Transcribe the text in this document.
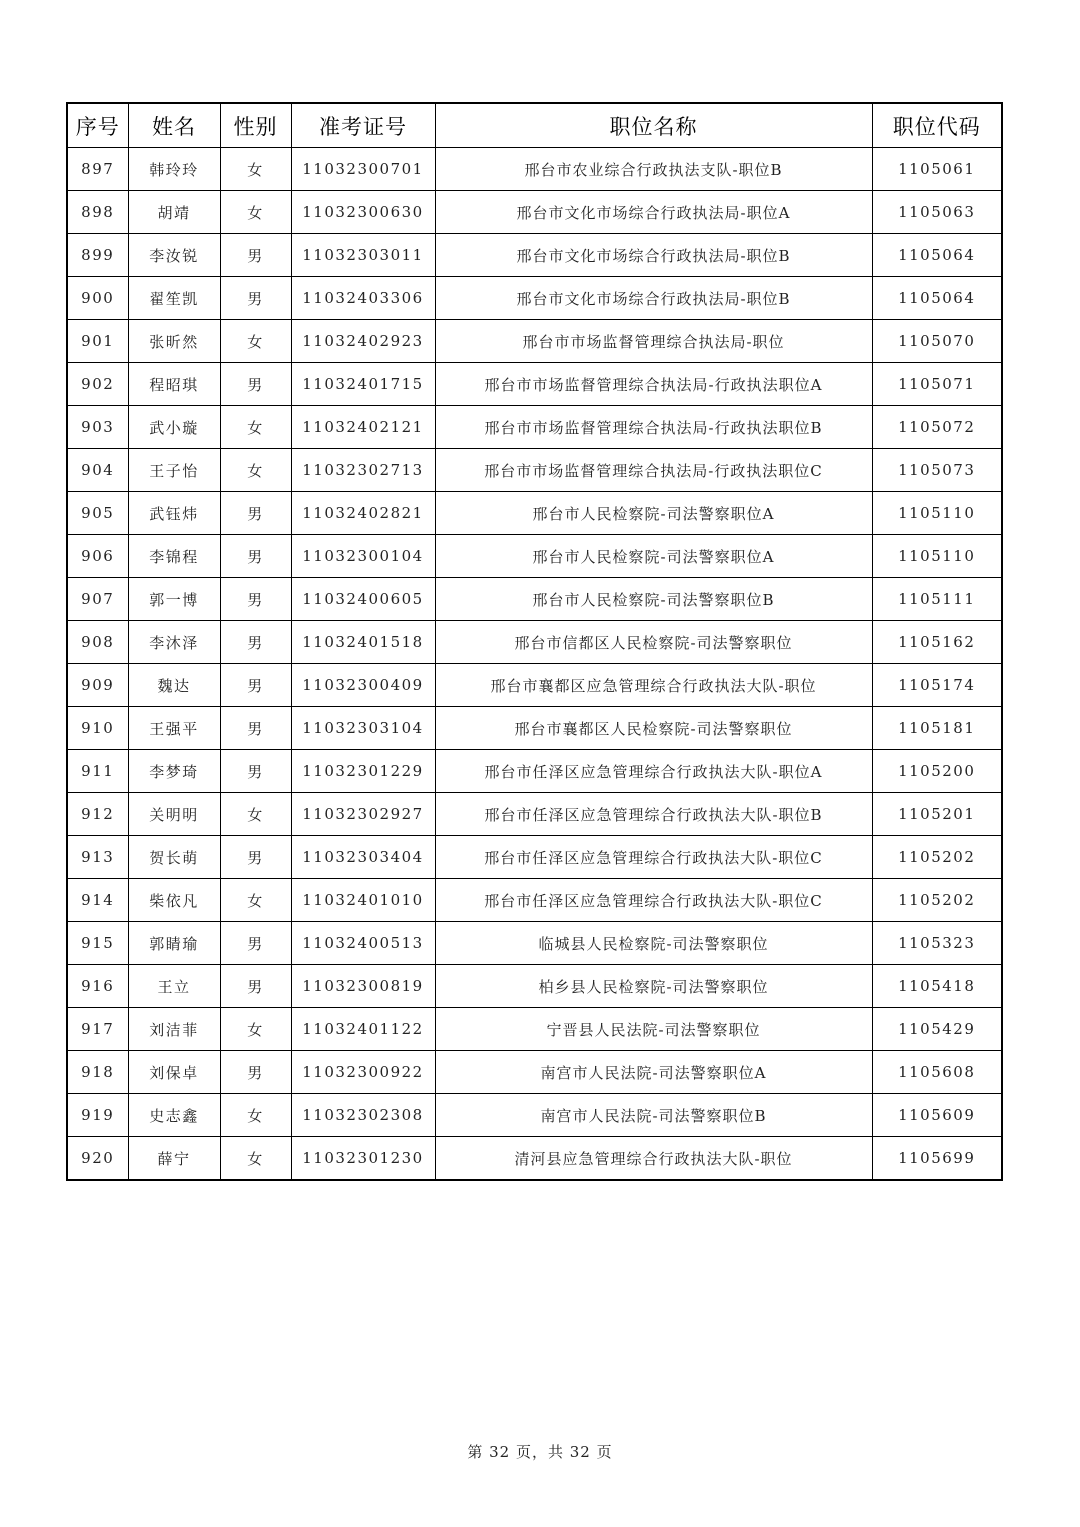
序号	姓名	性别	准考证号	职位名称	职位代码
897	韩玲玲	女	11032300701	邢台市农业综合行政执法支队-职位B	1105061
898	胡靖	女	11032300630	邢台市文化市场综合行政执法局-职位A	1105063
899	李汝锐	男	11032303011	邢台市文化市场综合行政执法局-职位B	1105064
900	翟笙凯	男	11032403306	邢台市文化市场综合行政执法局-职位B	1105064
901	张昕然	女	11032402923	邢台市市场监督管理综合执法局-职位	1105070
902	程昭琪	男	11032401715	邢台市市场监督管理综合执法局-行政执法职位A	1105071
903	武小璇	女	11032402121	邢台市市场监督管理综合执法局-行政执法职位B	1105072
904	王子怡	女	11032302713	邢台市市场监督管理综合执法局-行政执法职位C	1105073
905	武钰炜	男	11032402821	邢台市人民检察院-司法警察职位A	1105110
906	李锦程	男	11032300104	邢台市人民检察院-司法警察职位A	1105110
907	郭一博	男	11032400605	邢台市人民检察院-司法警察职位B	1105111
908	李沐泽	男	11032401518	邢台市信都区人民检察院-司法警察职位	1105162
909	魏达	男	11032300409	邢台市襄都区应急管理综合行政执法大队-职位	1105174
910	王强平	男	11032303104	邢台市襄都区人民检察院-司法警察职位	1105181
911	李梦琦	男	11032301229	邢台市任泽区应急管理综合行政执法大队-职位A	1105200
912	关明明	女	11032302927	邢台市任泽区应急管理综合行政执法大队-职位B	1105201
913	贺长萌	男	11032303404	邢台市任泽区应急管理综合行政执法大队-职位C	1105202
914	柴依凡	女	11032401010	邢台市任泽区应急管理综合行政执法大队-职位C	1105202
915	郭睛瑜	男	11032400513	临城县人民检察院-司法警察职位	1105323
916	王立	男	11032300819	柏乡县人民检察院-司法警察职位	1105418
917	刘洁菲	女	11032401122	宁晋县人民法院-司法警察职位	1105429
918	刘保卓	男	11032300922	南宫市人民法院-司法警察职位A	1105608
919	史志鑫	女	11032302308	南宫市人民法院-司法警察职位B	1105609
920	薛宁	女	11032301230	清河县应急管理综合行政执法大队-职位	1105699
第 32 页，共 32 页
